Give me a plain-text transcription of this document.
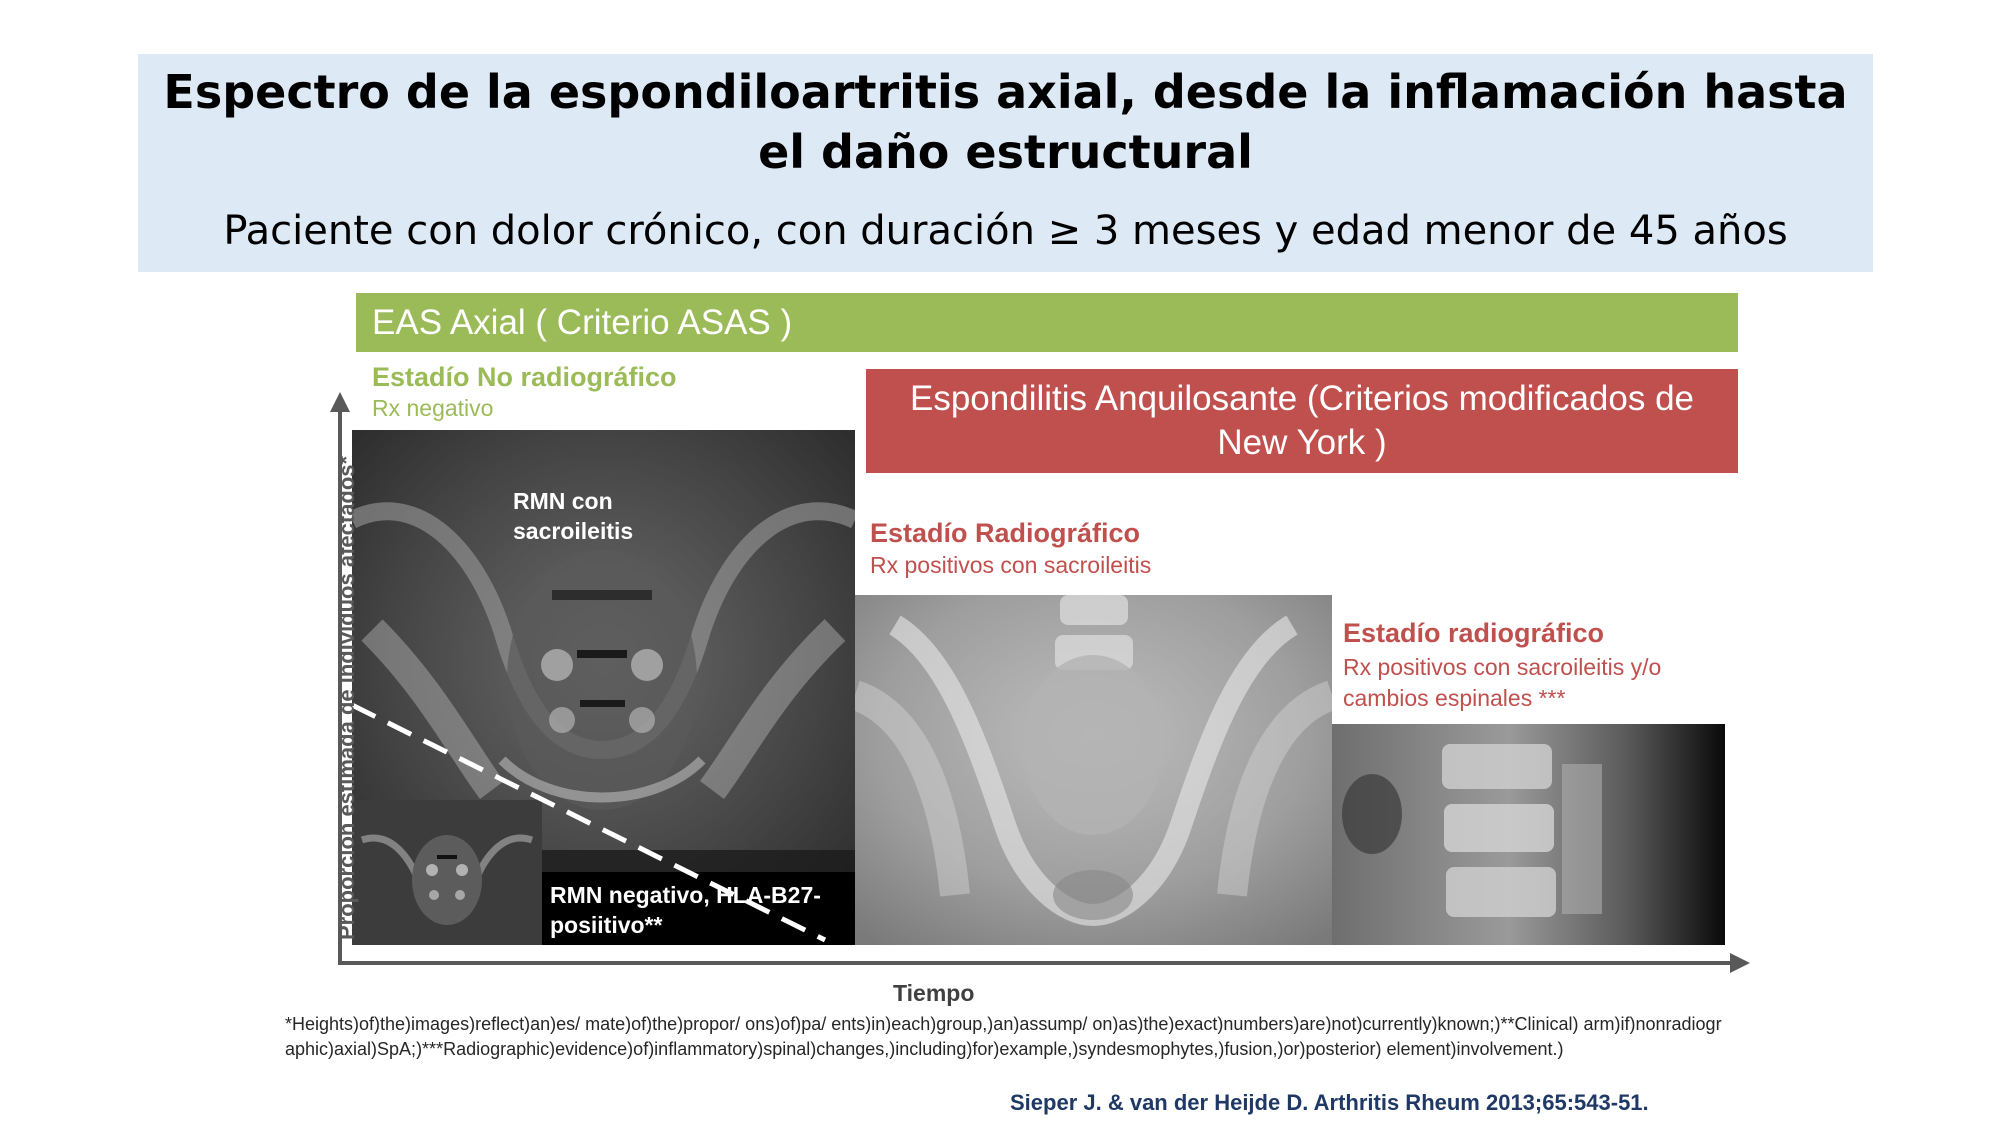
Espectro de la espondiloartritis axial, desde la inflamación hasta el daño estructural
Paciente con dolor crónico, con duración ≥ 3 meses y edad menor de 45 años
EAS Axial ( Criterio ASAS )
Estadío No radiográfico
Rx negativo	Espondilitis Anquilosante (Criterios modificados de New York )
Estadío Radiográfico
Rx positivos con sacroileitis
Estadío radiográfico
Rx positivos con sacroileitis y/o cambios espinales ***
RMN con sacroileitis
RMN negativo, HLA-B27-posiitivo**
Proporción estimada de individuos afectados*
Tiempo
*Heights)of)the)images)reflect)an)es/ mate)of)the)propor/ ons)of)pa/ ents)in)each)group,)an)assump/ on)as)the)exact)numbers)are)not)currently)known;)**Clinical) arm)if)nonradiographic)axial)SpA;)***Radiographic)evidence)of)inflammatory)spinal)changes,)including)for)example,)syndesmophytes,)fusion,)or)posterior) element)involvement.)
Sieper J. & van der Heijde D. Arthritis Rheum 2013;65:543-51.
